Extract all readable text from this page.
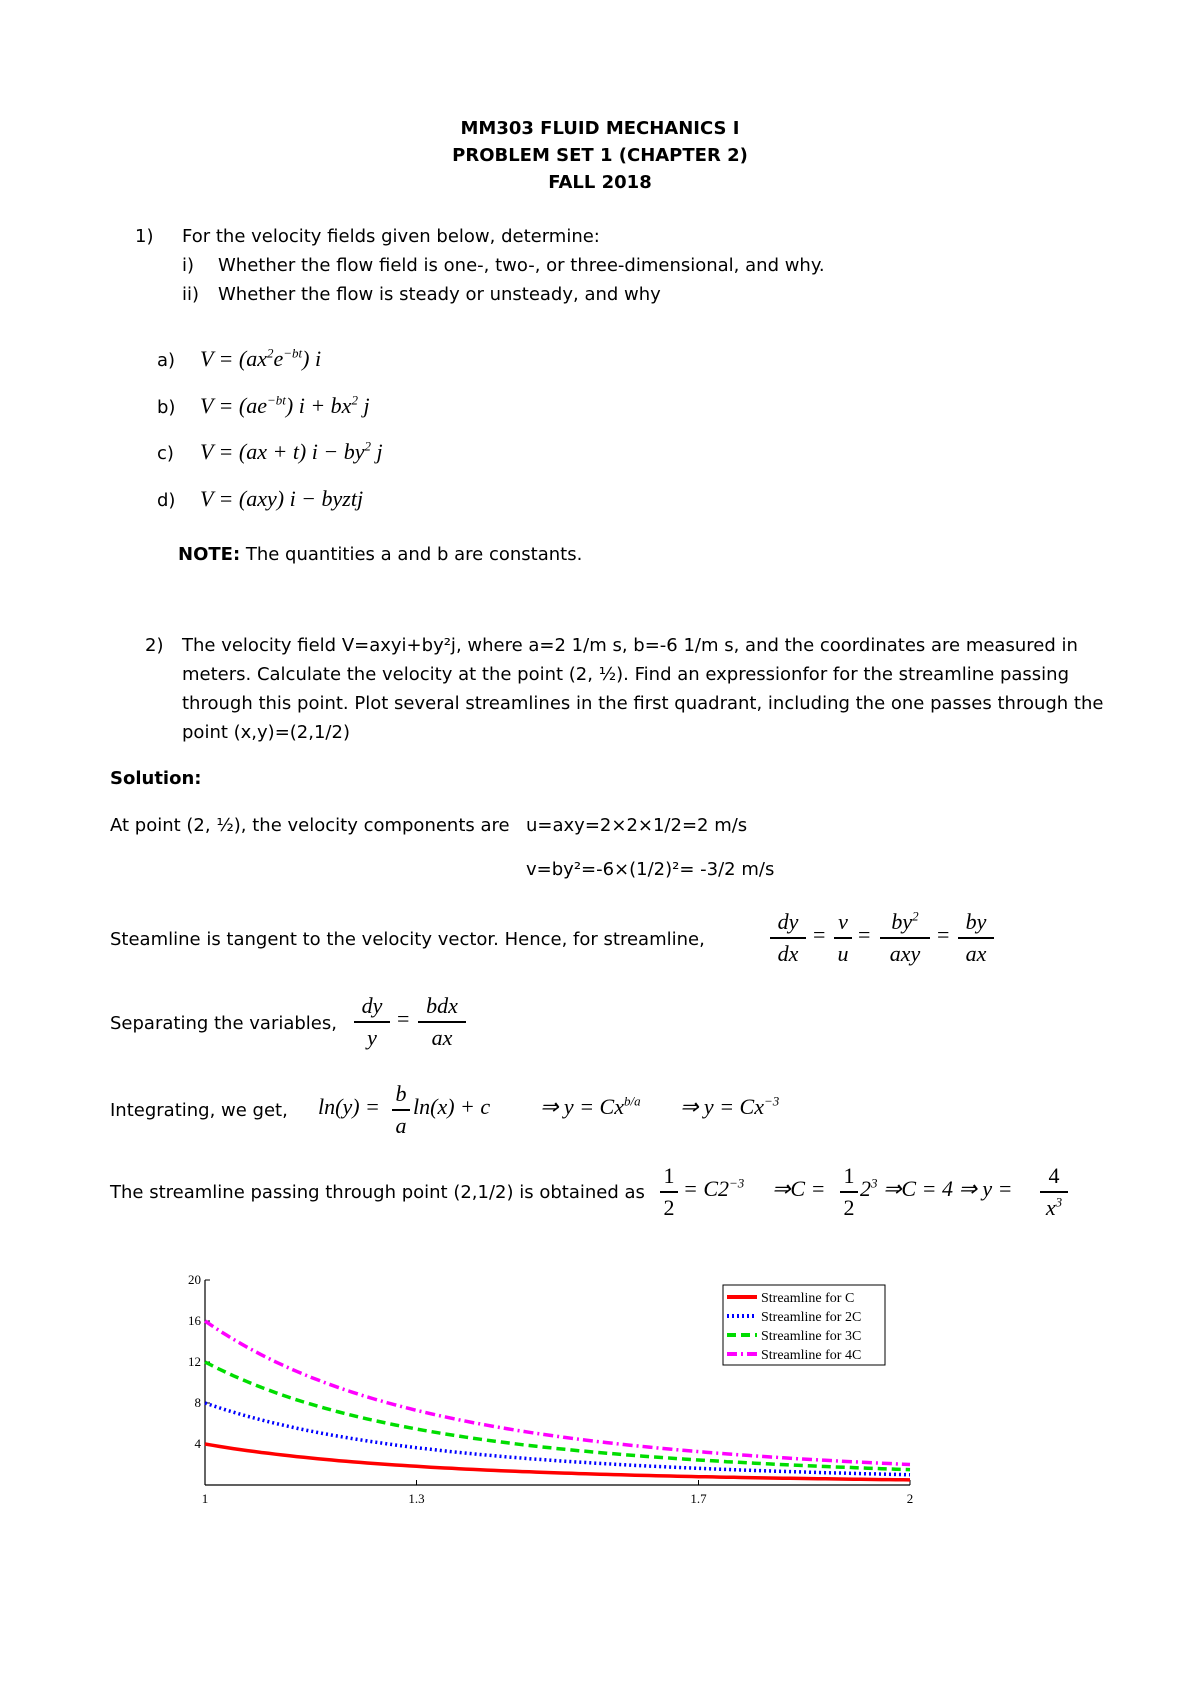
MM303 FLUID MECHANICS I
PROBLEM SET 1 (CHAPTER 2)
FALL 2018
1) For the velocity fields given below, determine:
i) Whether the flow field is one-, two-, or three-dimensional, and why.
ii) Whether the flow is steady or unsteady, and why
a) $V = (ax^2e^{-bt})$ i
b) $V = (ae^{-bt}) i + bx^2$ j
c) V = (ax + t) $i - by^2$ j
d) V = (axy) i − byztj
NOTE: The quantities a and b are constants.
2) The velocity field V=axyi+by²j, where a=2 1/m s, b=-6 1/m s, and the coordinates are measured in
meters. Calculate the velocity at the point (2, ½). Find an expressionfor for the streamline passing
through this point. Plot several streamlines in the first quadrant, including the one passes through the
point (x,y)=(2,1/2)
Solution:
At point (2, ½), the velocity components are u=axy=2×2×1/2=2 m/s
v=by²=-6×(1/2)²= -3/2 m/s
Steamline is tangent to the velocity vector. Hence, for streamline,
dy
dx
=
v
u
=
$by^2$
axy
=
by
ax
Separating the variables,
dy
y
=
bdx
ax
Integrating, we get, ln(y) =
b
a
ln(x) + c ⇒ $y = Cx^{b/a}$ ⇒ $y = Cx^{-3}$
The streamline passing through point (2,1/2) is obtained as
1
2
= $C2^{-3}$ ⇒C =
1
2
$2^3$ ⇒C = 4 ⇒ y =
4
$x^3$
1	1.3	1.7	2
4
8
12
16
20
Streamline for C
Streamline for 2C
Streamline for 3C
Streamline for 4C
